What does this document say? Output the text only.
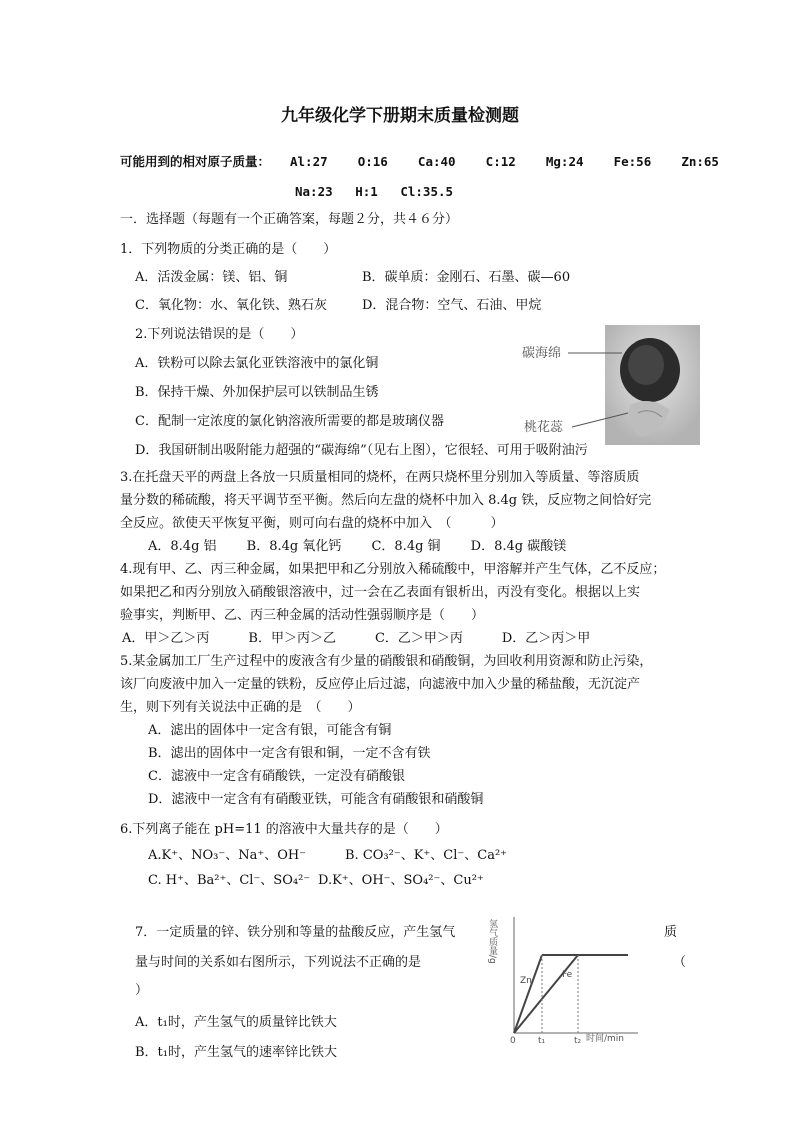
九年级化学下册期末质量检测题
可能用到的相对原子质量： Al:27    O:16    Ca:40    C:12    Mg:24    Fe:56    Zn:65
Na:23   H:1   Cl:35.5
一．选择题（每题有一个正确答案，每题２分，共４６分）
1．下列物质的分类正确的是（　　）
A．活泼金属：镁、铝、铜	B．碳单质：金刚石、石墨、碳—60
C．氧化物：水、氧化铁、熟石灰	D．混合物：空气、石油、甲烷
2.下列说法错误的是（　　）
A．铁粉可以除去氯化亚铁溶液中的氯化铜
B．保持干燥、外加保护层可以铁制品生锈
C．配制一定浓度的氯化钠溶液所需要的都是玻璃仪器
D．我国研制出吸附能力超强的“碳海绵”（见右上图），它很轻、可用于吸附油污
碳海绵
桃花蕊
3.在托盘天平的两盘上各放一只质量相同的烧杯，在两只烧杯里分别加入等质量、等溶质质
量分数的稀硫酸，将天平调节至平衡。然后向左盘的烧杯中加入 8.4g 铁，反应物之间恰好完
全反应。欲使天平恢复平衡，则可向右盘的烧杯中加入　（　　　）
A．8.4g 铝　　 B．8.4g 氧化钙　　 C．8.4g 铜　　 D．8.4g 碳酸镁
4.现有甲、乙、丙三种金属，如果把甲和乙分别放入稀硫酸中，甲溶解并产生气体，乙不反应；
如果把乙和丙分别放入硝酸银溶液中，过一会在乙表面有银析出，丙没有变化。根据以上实
验事实，判断甲、乙、丙三种金属的活动性强弱顺序是（　　）
A．甲＞乙＞丙　　　B．甲＞丙＞乙　　　C．乙＞甲＞丙　　　D．乙＞丙＞甲
5.某金属加工厂生产过程中的废液含有少量的硝酸银和硝酸铜，为回收利用资源和防止污染，
该厂向废液中加入一定量的铁粉，反应停止后过滤，向滤液中加入少量的稀盐酸，无沉淀产
生，则下列有关说法中正确的是　（　　）
A．滤出的固体中一定含有银，可能含有铜
B．滤出的固体中一定含有银和铜，一定不含有铁
C．滤液中一定含有硝酸铁，一定没有硝酸银
D．滤液中一定含有有硝酸亚铁，可能含有硝酸银和硝酸铜
6.下列离子能在 pH=11 的溶液中大量共存的是（　　）
A.K⁺、NO₃⁻、Na⁺、OH⁻	B. CO₃²⁻、K⁺、Cl⁻、Ca²⁺
C. H⁺、Ba²⁺、Cl⁻、SO₄²⁻ D.K⁺、OH⁻、SO₄²⁻、Cu²⁺
7．一定质量的锌、铁分别和等量的盐酸反应，产生氢气	质
量与时间的关系如右图所示，下列说法不正确的是	（
）
A．t₁时，产生氢气的质量锌比铁大
B．t₁时，产生氢气的速率锌比铁大
氢气质量/g
时间/min
Zn
Fe
0 t₁	t₂
